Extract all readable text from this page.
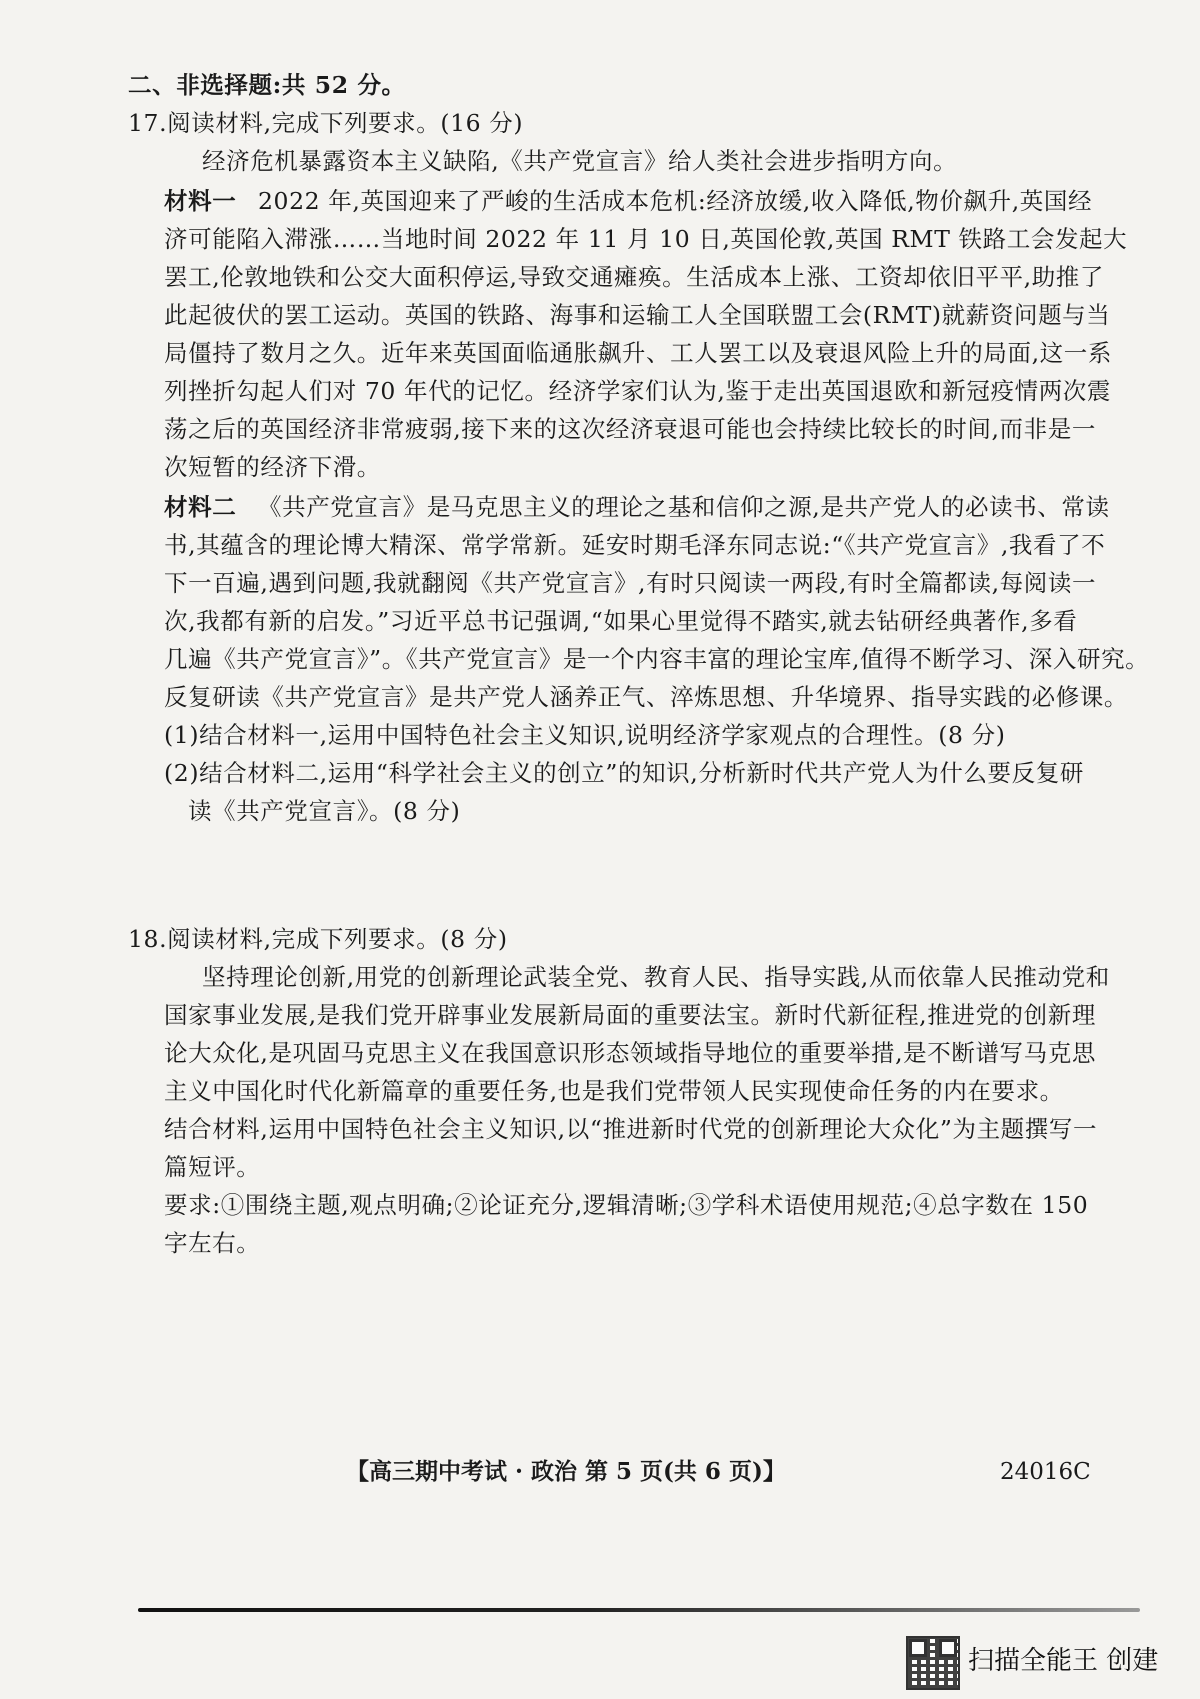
二、非选择题:共 52 分。
17.阅读材料,完成下列要求。(16 分)
经济危机暴露资本主义缺陷,《共产党宣言》给人类社会进步指明方向。
材料一 2022 年,英国迎来了严峻的生活成本危机:经济放缓,收入降低,物价飙升,英国经
济可能陷入滞涨……当地时间 2022 年 11 月 10 日,英国伦敦,英国 RMT 铁路工会发起大
罢工,伦敦地铁和公交大面积停运,导致交通瘫痪。生活成本上涨、工资却依旧平平,助推了
此起彼伏的罢工运动。英国的铁路、海事和运输工人全国联盟工会(RMT)就薪资问题与当
局僵持了数月之久。近年来英国面临通胀飙升、工人罢工以及衰退风险上升的局面,这一系
列挫折勾起人们对 70 年代的记忆。经济学家们认为,鉴于走出英国退欧和新冠疫情两次震
荡之后的英国经济非常疲弱,接下来的这次经济衰退可能也会持续比较长的时间,而非是一
次短暂的经济下滑。
材料二 《共产党宣言》是马克思主义的理论之基和信仰之源,是共产党人的必读书、常读
书,其蕴含的理论博大精深、常学常新。延安时期毛泽东同志说:“《共产党宣言》,我看了不
下一百遍,遇到问题,我就翻阅《共产党宣言》,有时只阅读一两段,有时全篇都读,每阅读一
次,我都有新的启发。”习近平总书记强调,“如果心里觉得不踏实,就去钻研经典著作,多看
几遍《共产党宣言》”。《共产党宣言》是一个内容丰富的理论宝库,值得不断学习、深入研究。
反复研读《共产党宣言》是共产党人涵养正气、淬炼思想、升华境界、指导实践的必修课。
(1)结合材料一,运用中国特色社会主义知识,说明经济学家观点的合理性。(8 分)
(2)结合材料二,运用“科学社会主义的创立”的知识,分析新时代共产党人为什么要反复研
读《共产党宣言》。(8 分)
18.阅读材料,完成下列要求。(8 分)
坚持理论创新,用党的创新理论武装全党、教育人民、指导实践,从而依靠人民推动党和
国家事业发展,是我们党开辟事业发展新局面的重要法宝。新时代新征程,推进党的创新理
论大众化,是巩固马克思主义在我国意识形态领域指导地位的重要举措,是不断谱写马克思
主义中国化时代化新篇章的重要任务,也是我们党带领人民实现使命任务的内在要求。
结合材料,运用中国特色社会主义知识,以“推进新时代党的创新理论大众化”为主题撰写一
篇短评。
要求:①围绕主题,观点明确;②论证充分,逻辑清晰;③学科术语使用规范;④总字数在 150
字左右。
【高三期中考试 · 政治 第 5 页(共 6 页)】	24016C
扫描全能王 创建
